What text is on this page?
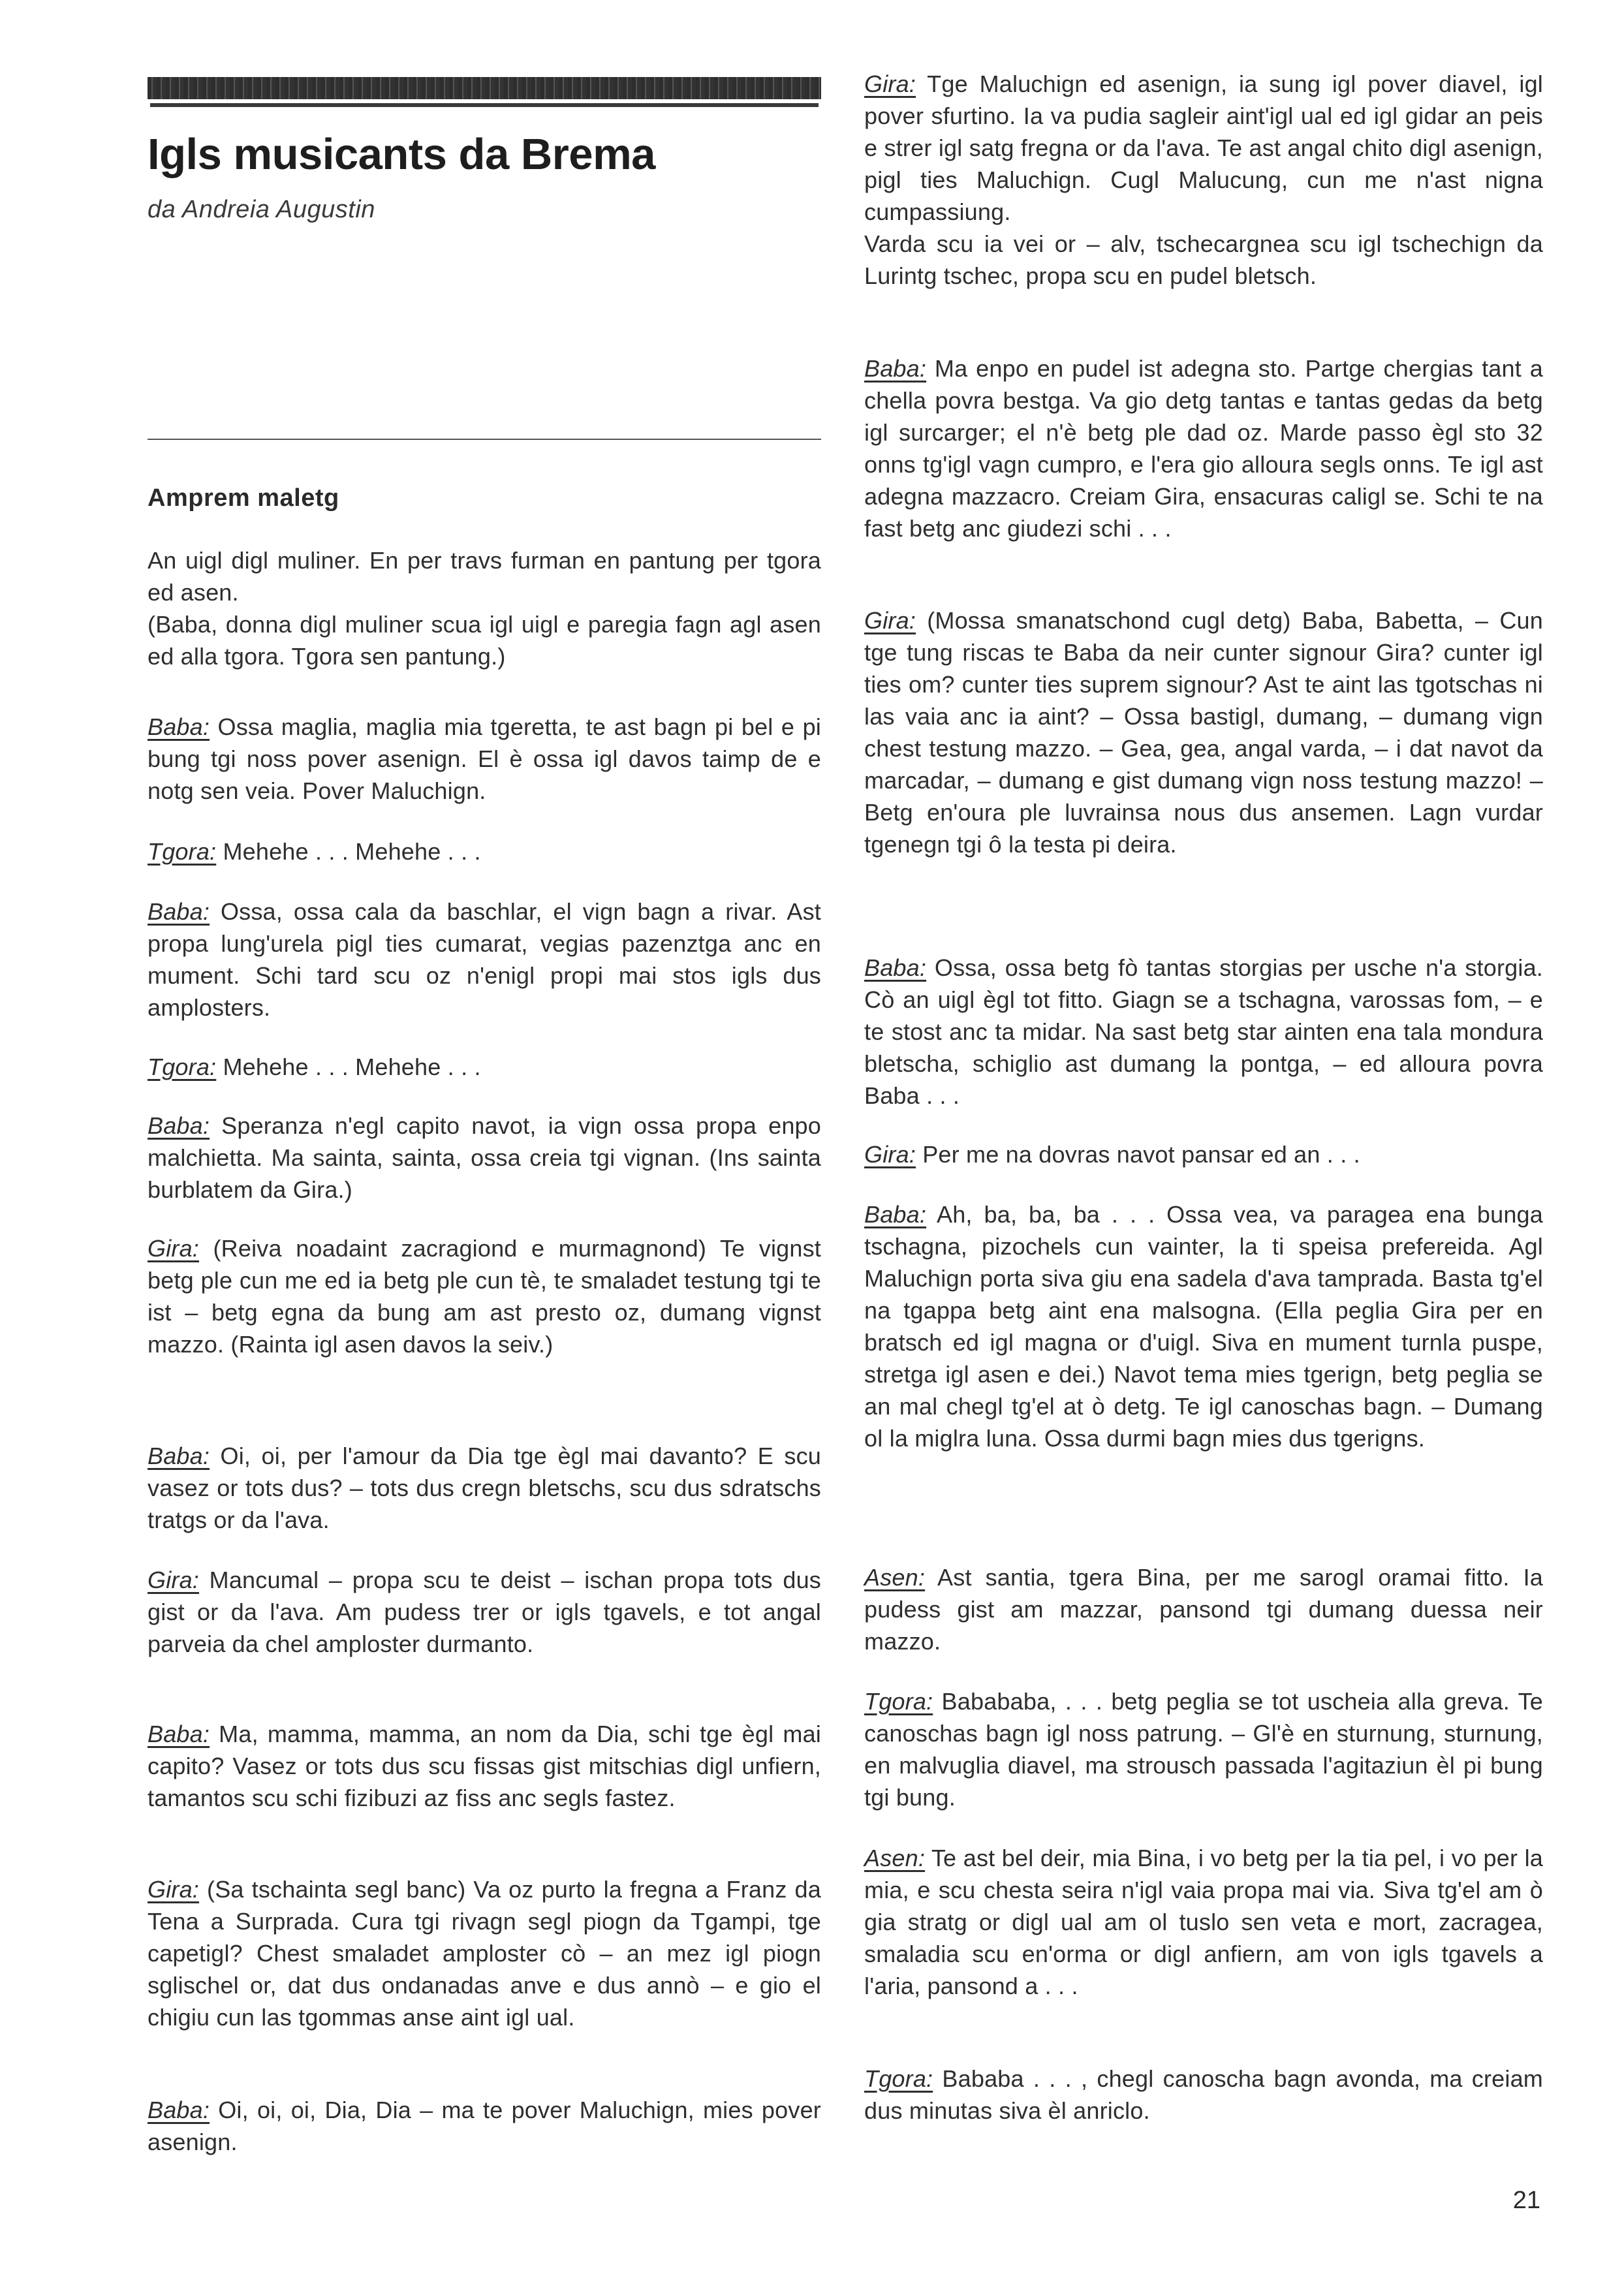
Igls musicants da Brema

da Andreia Augustin

Amprem maletg

An uigl digl muliner. En per travs furman en pantung per tgora ed asen.

(Baba, donna digl muliner scua igl uigl e paregia fagn agl asen ed alla tgora. Tgora sen pantung.)

Baba: Ossa maglia, maglia mia tgeretta, te ast bagn pi bel e pi bung tgi noss pover asenign. El è ossa igl davos taimp de e notg sen veia. Pover Maluchign.
Tgora: Mehehe . . . Mehehe . . .
Baba: Ossa, ossa cala da baschlar, el vign bagn a rivar. Ast propa lung'urela pigl ties cumarat, vegias pazenztga anc en mument. Schi tard scu oz n'enigl propi mai stos igls dus amplosters.
Tgora: Mehehe . . . Mehehe . . .
Baba: Speranza n'egl capito navot, ia vign ossa propa enpo malchietta. Ma sainta, sainta, ossa creia tgi vignan. (Ins sainta burblatem da Gira.)
Gira: (Reiva noadaint zacragiond e murmagnond) Te vignst betg ple cun me ed ia betg ple cun tè, te smaladet testung tgi te ist – betg egna da bung am ast presto oz, dumang vignst mazzo. (Rainta igl asen davos la seiv.)
Baba: Oi, oi, per l'amour da Dia tge ègl mai davanto? E scu vasez or tots dus? – tots dus cregn bletschs, scu dus sdratschs tratgs or da l'ava.
Gira: Mancumal – propa scu te deist – ischan propa tots dus gist or da l'ava. Am pudess trer or igls tgavels, e tot angal parveia da chel amploster durmanto.
Baba: Ma, mamma, mamma, an nom da Dia, schi tge ègl mai capito? Vasez or tots dus scu fissas gist mitschias digl unfiern, tamantos scu schi fizibuzi az fiss anc segls fastez.
Gira: (Sa tschainta segl banc) Va oz purto la fregna a Franz da Tena a Surprada. Cura tgi rivagn segl piogn da Tgampi, tge capetigl? Chest smaladet amploster cò – an mez igl piogn sglischel or, dat dus ondanadas anve e dus annò – e gio el chigiu cun las tgommas anse aint igl ual.
Baba: Oi, oi, oi, Dia, Dia – ma te pover Maluchign, mies pover asenign.

Gira: Tge Maluchign ed asenign, ia sung igl pover diavel, igl pover sfurtino. Ia va pudia sagleir aint'igl ual ed igl gidar an peis e strer igl satg fregna or da l'ava. Te ast angal chito digl asenign, pigl ties Maluchign. Cugl Malucung, cun me n'ast nigna cumpassiung.

Varda scu ia vei or – alv, tschecargnea scu igl tschechign da Lurintg tschec, propa scu en pudel bletsch.

Baba: Ma enpo en pudel ist adegna sto. Partge chergias tant a chella povra bestga. Va gio detg tantas e tantas gedas da betg igl surcarger; el n'è betg ple dad oz. Marde passo ègl sto 32 onns tg'igl vagn cumpro, e l'era gio alloura segls onns. Te igl ast adegna mazzacro. Creiam Gira, ensacuras caligl se. Schi te na fast betg anc giudezi schi . . .
Gira: (Mossa smanatschond cugl detg) Baba, Babetta, – Cun tge tung riscas te Baba da neir cunter signour Gira? cunter igl ties om? cunter ties suprem signour? Ast te aint las tgotschas ni las vaia anc ia aint? – Ossa bastigl, dumang, – dumang vign chest testung mazzo. – Gea, gea, angal varda, – i dat navot da marcadar, – dumang e gist dumang vign noss testung mazzo! – Betg en'oura ple luvrainsa nous dus ansemen. Lagn vurdar tgenegn tgi ô la testa pi deira.
Baba: Ossa, ossa betg fò tantas storgias per usche n'a storgia. Cò an uigl ègl tot fitto. Giagn se a tschagna, varossas fom, – e te stost anc ta midar. Na sast betg star ainten ena tala mondura bletscha, schiglio ast dumang la pontga, – ed alloura povra Baba . . .
Gira: Per me na dovras navot pansar ed an . . .
Baba: Ah, ba, ba, ba . . . Ossa vea, va paragea ena bunga tschagna, pizochels cun vainter, la ti speisa prefereida. Agl Maluchign porta siva giu ena sadela d'ava tamprada. Basta tg'el na tgappa betg aint ena malsogna. (Ella peglia Gira per en bratsch ed igl magna or d'uigl. Siva en mument turnla puspe, stretga igl asen e dei.) Navot tema mies tgerign, betg peglia se an mal chegl tg'el at ò detg. Te igl canoschas bagn. – Dumang ol la miglra luna. Ossa durmi bagn mies dus tgerigns.
Asen: Ast santia, tgera Bina, per me sarogl oramai fitto. Ia pudess gist am mazzar, pansond tgi dumang duessa neir mazzo.
Tgora: Babababa, . . . betg peglia se tot uscheia alla greva. Te canoschas bagn igl noss patrung. – Gl'è en sturnung, sturnung, en malvuglia diavel, ma strousch passada l'agitaziun èl pi bung tgi bung.
Asen: Te ast bel deir, mia Bina, i vo betg per la tia pel, i vo per la mia, e scu chesta seira n'igl vaia propa mai via. Siva tg'el am ò gia stratg or digl ual am ol tuslo sen veta e mort, zacragea, smaladia scu en'orma or digl anfiern, am von igls tgavels a l'aria, pansond a . . .
Tgora: Bababa . . . , chegl canoscha bagn avonda, ma creiam dus minutas siva èl anriclo.
21
